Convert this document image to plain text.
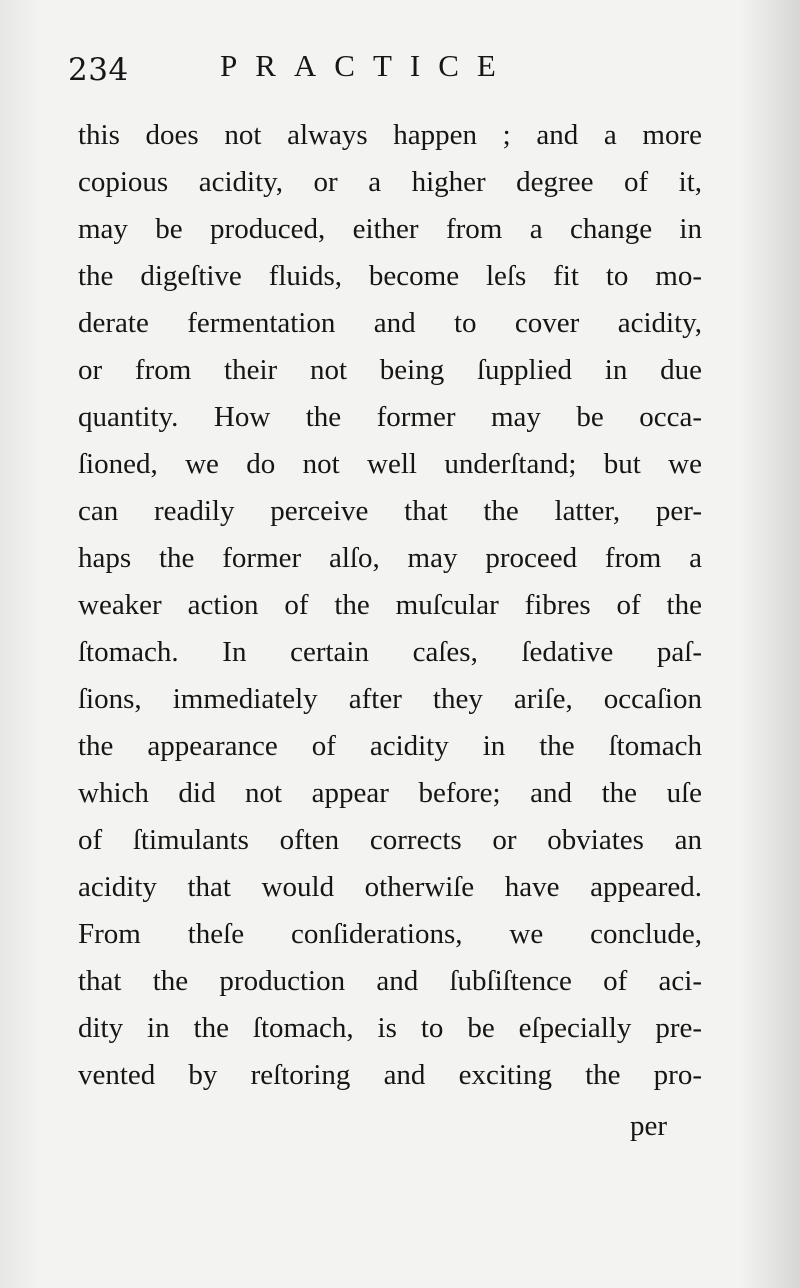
234	PRACTICE
this does not always happen ; and a more
copious acidity, or a higher degree of it,
may be produced, either from a change in
the digeſtive fluids, become leſs fit to mo-
derate fermentation and to cover acidity,
or from their not being ſupplied in due
quantity. How the former may be occa-
ſioned, we do not well underſtand; but we
can readily perceive that the latter, per-
haps the former alſo, may proceed from a
weaker action of the muſcular fibres of the
ſtomach. In certain caſes, ſedative paſ-
ſions, immediately after they ariſe, occaſion
the appearance of acidity in the ſtomach
which did not appear before; and the uſe
of ſtimulants often corrects or obviates an
acidity that would otherwiſe have appeared.
From theſe conſiderations, we conclude,
that the production and ſubſiſtence of aci-
dity in the ſtomach, is to be eſpecially pre-
vented by reſtoring and exciting the pro-
per
